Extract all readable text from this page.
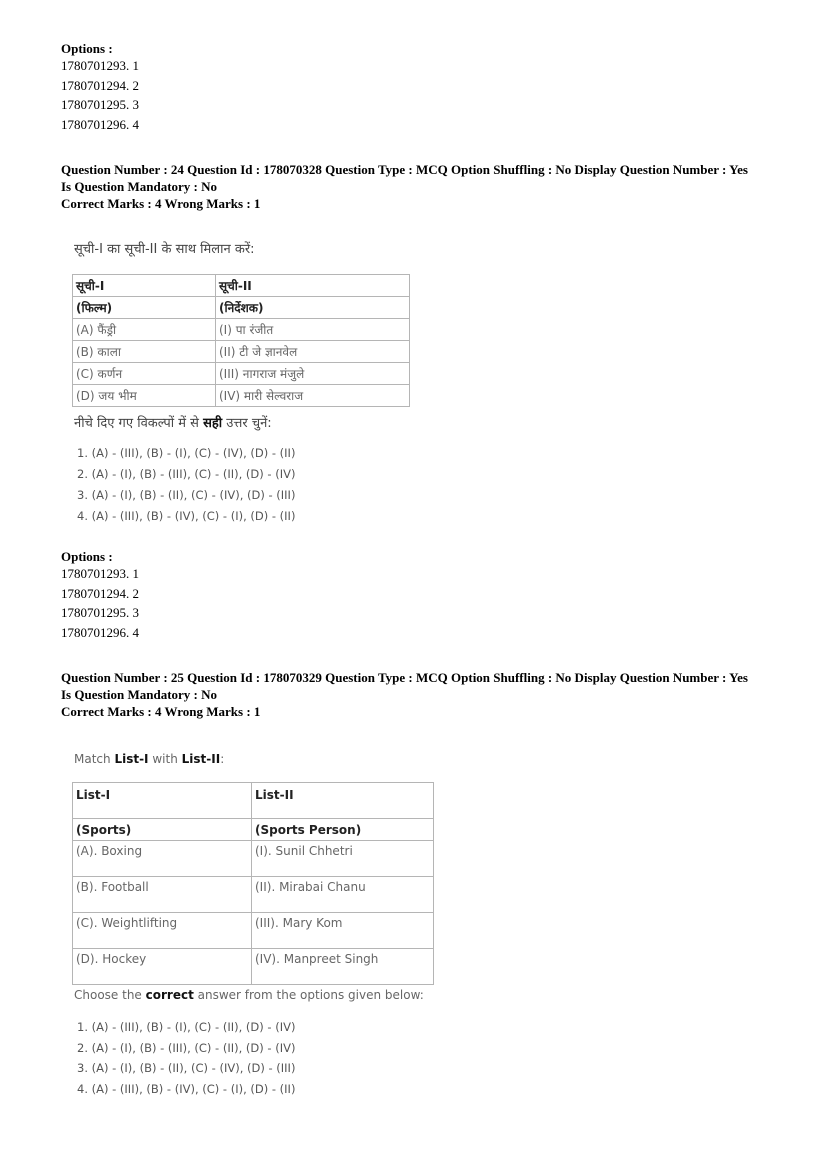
Options :
1780701293. 1
1780701294. 2
1780701295. 3
1780701296. 4
Question Number : 24 Question Id : 178070328 Question Type : MCQ Option Shuffling : No Display Question Number : Yes
Is Question Mandatory : No
Correct Marks : 4 Wrong Marks : 1
सूची-I का सूची-II के साथ मिलान करें:
सूची-I	सूची-II
(फिल्म)	(निर्देशक)
(A) फैंड्री	(I) पा रंजीत
(B) काला	(II) टी जे ज्ञानवेल
(C) कर्णन	(III) नागराज मंजुले
(D) जय भीम	(IV) मारी सेल्वराज
नीचे दिए गए विकल्पों में से सही उत्तर चुनें:
1. (A) - (III), (B) - (I), (C) - (IV), (D) - (II)
2. (A) - (I), (B) - (III), (C) - (II), (D) - (IV)
3. (A) - (I), (B) - (II), (C) - (IV), (D) - (III)
4. (A) - (III), (B) - (IV), (C) - (I), (D) - (II)
Options :
1780701293. 1
1780701294. 2
1780701295. 3
1780701296. 4
Question Number : 25 Question Id : 178070329 Question Type : MCQ Option Shuffling : No Display Question Number : Yes
Is Question Mandatory : No
Correct Marks : 4 Wrong Marks : 1
Match List-I with List-II:
List-I	List-II
(Sports)	(Sports Person)
(A). Boxing	(I). Sunil Chhetri
(B). Football	(II). Mirabai Chanu
(C). Weightlifting	(III). Mary Kom
(D). Hockey	(IV). Manpreet Singh
Choose the correct answer from the options given below:
1. (A) - (III), (B) - (I), (C) - (II), (D) - (IV)
2. (A) - (I), (B) - (III), (C) - (II), (D) - (IV)
3. (A) - (I), (B) - (II), (C) - (IV), (D) - (III)
4. (A) - (III), (B) - (IV), (C) - (I), (D) - (II)
